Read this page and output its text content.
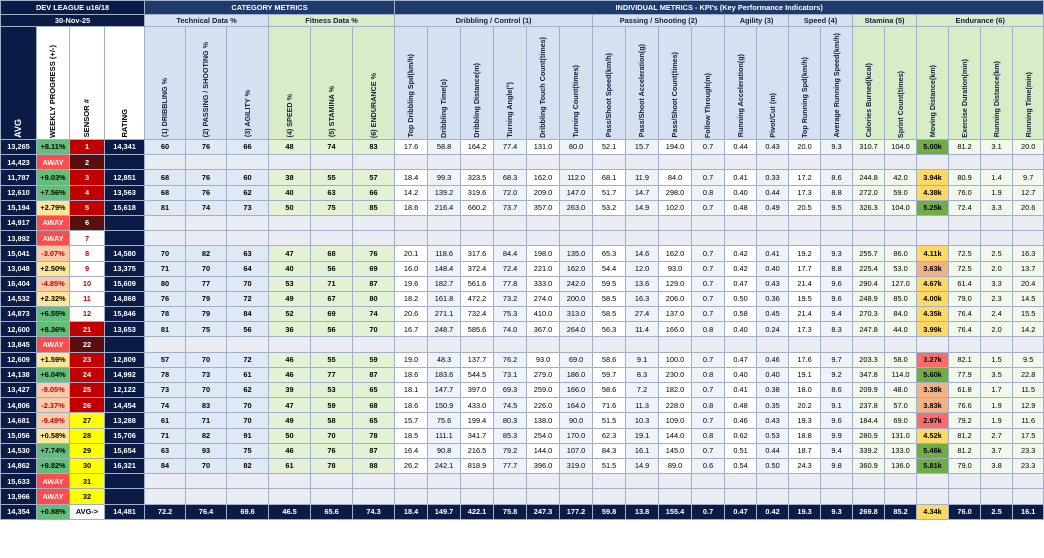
DEV LEAGUE u16/18				CATEGORY METRICS						INDIVIDUAL METRICS - KPI's (Key Performance Indicators)																			
30-Nov-25				Technical Data %			Fitness Data %			Dribbling / Control (1)						Passing / Shooting (2)				Agility (3)		Speed (4)		Stamina (5)		Endurance (6)			
AVG	WEEKLY PROGRESS (+/-)	SENSOR #	RATING	(1) DRIBBLING %	(2) PASSING / SHOOTING %	(3) AGILITY %	(4) SPEED %	(5) STAMINA %	(6) ENDURANCE %	Top Dribbling Spd(km/h)	Dribbling Time(s)	Dribbling Distance(m)	Turning Angle(°)	Dribbling Touch Count(times)	Turning Count(times)	Pass/Shoot Speed(km/h)	Pass/Shoot Acceleration(g)	Pass/Shoot Count(times)	Follow Through(m)	Running Acceleration(g)	Pivot/Cut (m)	Top Running Spd(km/h)	Average Running Speed(km/h)	Calories Burned(kcal)	Sprint Count(times)	Moving Distance(km)	Exercise Duration(min)	Running Distance(km)	Running Time(min)
13,265	+8.11%	1	14,341	60	76	66	48	74	83	17.6	58.8	164.2	77.4	131.0	80.0	52.1	15.7	194.0	0.7	0.44	0.43	20.0	9.3	310.7	104.0	5.00k	81.2	3.1	20.0
14,423	AWAY	2																											
11,787	+9.03%	3	12,851	68	76	60	38	55	57	18.4	99.3	323.5	68.3	162.0	112.0	68.1	11.9	84.0	0.7	0.41	0.33	17.2	8.6	244.8	42.0	3.94k	80.9	1.4	9.7
12,610	+7.56%	4	13,563	68	76	62	40	63	66	14.2	139.2	319.6	72.0	209.0	147.0	51.7	14.7	298.0	0.8	0.40	0.44	17.3	8.8	272.0	59.0	4.38k	76.0	1.9	12.7
15,194	+2.79%	5	15,618	81	74	73	50	75	85	18.6	216.4	660.2	73.7	357.0	263.0	53.2	14.9	102.0	0.7	0.48	0.49	20.5	9.5	326.3	104.0	5.25k	72.4	3.3	20.6
14,917	AWAY	6																											
13,892	AWAY	7																											
15,041	-3.07%	8	14,580	70	82	63	47	68	76	20.1	118.6	317.6	84.4	198.0	135.0	65.3	14.6	162.0	0.7	0.42	0.41	19.2	9.3	255.7	86.0	4.11k	72.5	2.5	16.3
13,048	+2.50%	9	13,375	71	70	64	40	56	69	16.0	148.4	372.4	72.4	221.0	162.0	54.4	12.0	93.0	0.7	0.42	0.40	17.7	8.8	225.4	53.0	3.63k	72.5	2.0	13.7
16,404	-4.85%	10	15,609	80	77	70	53	71	87	19.6	182.7	561.6	77.8	333.0	242.0	59.5	13.6	129.0	0.7	0.47	0.43	21.4	9.6	290.4	127.0	4.67k	61.4	3.3	20.4
14,532	+2.32%	11	14,868	76	79	72	49	67	80	18.2	161.8	472.2	73.2	274.0	200.0	58.5	16.3	206.0	0.7	0.50	0.36	19.5	9.6	248.9	85.0	4.00k	79.0	2.3	14.5
14,873	+6.55%	12	15,846	78	79	84	52	69	74	20.6	271.1	732.4	75.3	410.0	313.0	58.5	27.4	137.0	0.7	0.58	0.45	21.4	9.4	270.3	84.0	4.35k	76.4	2.4	15.5
12,600	+8.36%	21	13,653	81	75	56	36	56	70	16.7	248.7	585.6	74.0	367.0	264.0	56.3	11.4	166.0	0.8	0.40	0.24	17.3	8.3	247.8	44.0	3.99k	76.4	2.0	14.2
13,845	AWAY	22																											
12,609	+1.59%	23	12,809	57	70	72	46	55	59	19.0	48.3	137.7	76.2	93.0	69.0	58.6	9.1	100.0	0.7	0.47	0.46	17.6	9.7	203.3	58.0	3.27k	82.1	1.5	9.5
14,138	+6.04%	24	14,992	78	73	61	46	77	87	18.6	183.6	544.5	73.1	279.0	186.0	59.7	8.3	230.0	0.8	0.40	0.40	19.1	9.2	347.8	114.0	5.60k	77.9	3.5	22.8
13,427	-9.05%	25	12,122	73	70	62	39	53	65	18.1	147.7	397.0	69.3	259.0	166.0	58.6	7.2	182.0	0.7	0.41	0.38	18.0	8.6	209.9	48.0	3.38k	61.8	1.7	11.5
14,806	-2.37%	26	14,454	74	83	70	47	59	68	18.6	150.9	433.0	74.5	226.0	164.0	71.6	11.3	228.0	0.8	0.48	0.35	20.2	9.1	237.8	57.0	3.83k	76.6	1.9	12.9
14,681	-9.49%	27	13,288	61	71	70	49	58	65	15.7	75.6	199.4	80.3	138.0	90.0	51.5	10.3	109.0	0.7	0.46	0.43	19.3	9.6	184.4	69.0	2.97k	79.2	1.9	11.6
15,056	+0.58%	28	15,706	71	82	91	50	70	78	18.5	111.1	341.7	85.3	254.0	170.0	62.3	19.1	144.0	0.8	0.62	0.53	18.8	9.9	280.9	131.0	4.52k	81.2	2.7	17.5
14,530	+7.74%	29	15,654	63	93	75	46	76	87	16.4	90.8	216.5	79.2	144.0	107.0	84.3	16.1	145.0	0.7	0.51	0.44	18.7	9.4	339.2	133.0	5.46k	81.2	3.7	23.3
14,862	+9.82%	30	16,321	84	70	82	61	78	88	26.2	242.1	818.9	77.7	396.0	319.0	51.5	14.9	89.0	0.6	0.54	0.50	24.3	9.8	360.9	136.0	5.81k	79.0	3.8	23.3
15,633	AWAY	31																											
13,966	AWAY	32																											
14,354	+0.88%	AVG->	14,481	72.2	76.4	69.6	46.5	65.6	74.3	18.4	149.7	422.1	75.8	247.3	177.2	59.8	13.8	155.4	0.7	0.47	0.42	19.3	9.3	269.8	85.2	4.34k	76.0	2.5	16.1
